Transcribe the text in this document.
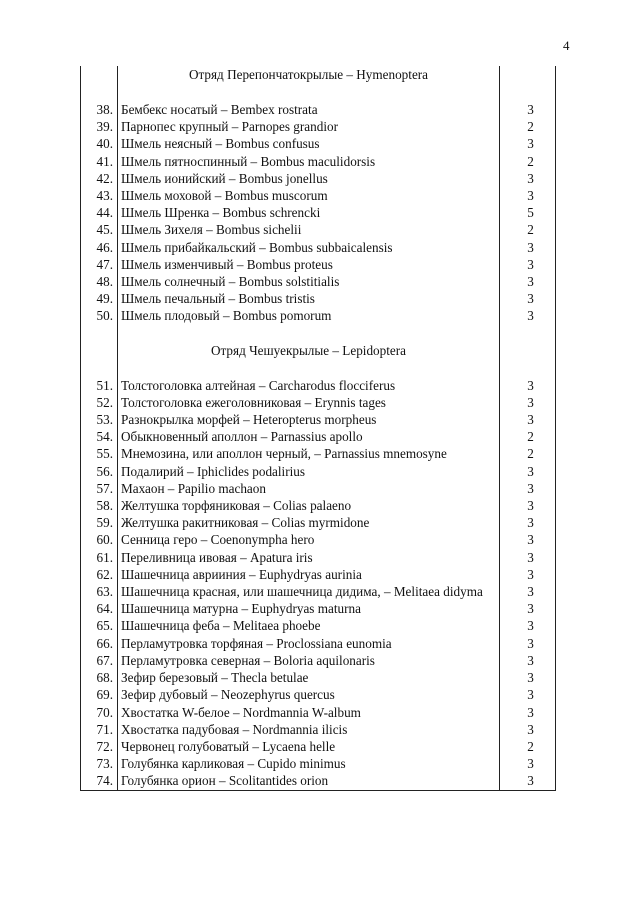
4
	Отряд Перепончатокрылые – Hymenoptera	

38.	Бембекс носатый – Bembex rostrata	3
39.	Парнопес крупный – Parnopes grandior	2
40.	Шмель неясный – Bombus confusus	3
41.	Шмель пятноспинный – Bombus maculidorsis	2
42.	Шмель ионийский – Bombus jonellus	3
43.	Шмель моховой – Bombus muscorum	3
44.	Шмель Шренка – Bombus schrencki	5
45.	Шмель Зихеля – Bombus sichelii	2
46.	Шмель прибайкальский – Bombus subbaicalensis	3
47.	Шмель изменчивый – Bombus proteus	3
48.	Шмель солнечный – Bombus solstitialis	3
49.	Шмель печальный – Bombus tristis	3
50.	Шмель плодовый – Bombus pomorum	3

	Отряд Чешуекрылые – Lepidoptera	

51.	Толстоголовка алтейная – Carcharodus flocciferus	3
52.	Толстоголовка ежеголовниковая – Erynnis tages	3
53.	Разнокрылка морфей – Heteropterus morpheus	3
54.	Обыкновенный аполлон – Parnassius apollo	2
55.	Мнемозина, или аполлон черный, – Parnassius mnemosyne	2
56.	Подалирий – Iphiclides podalirius	3
57.	Махаон – Papilio machaon	3
58.	Желтушка торфяниковая – Colias palaeno	3
59.	Желтушка ракитниковая – Colias myrmidone	3
60.	Сенница геро – Coenonympha hero	3
61.	Переливница ивовая – Apatura iris	3
62.	Шашечница аврииния – Euphydryas aurinia	3
63.	Шашечница красная, или шашечница дидима, – Melitaea didyma	3
64.	Шашечница матурна – Euphydryas maturna	3
65.	Шашечница феба – Melitaea phoebe	3
66.	Перламутровка торфяная – Proclossiana eunomia	3
67.	Перламутровка северная – Boloria aquilonaris	3
68.	Зефир березовый – Thecla betulae	3
69.	Зефир дубовый – Neozephyrus quercus	3
70.	Хвостатка W-белое – Nordmannia W-album	3
71.	Хвостатка падубовая – Nordmannia ilicis	3
72.	Червонец голубоватый – Lycaena helle	2
73.	Голубянка карликовая – Cupido minimus	3
74.	Голубянка орион – Scolitantides orion	3
